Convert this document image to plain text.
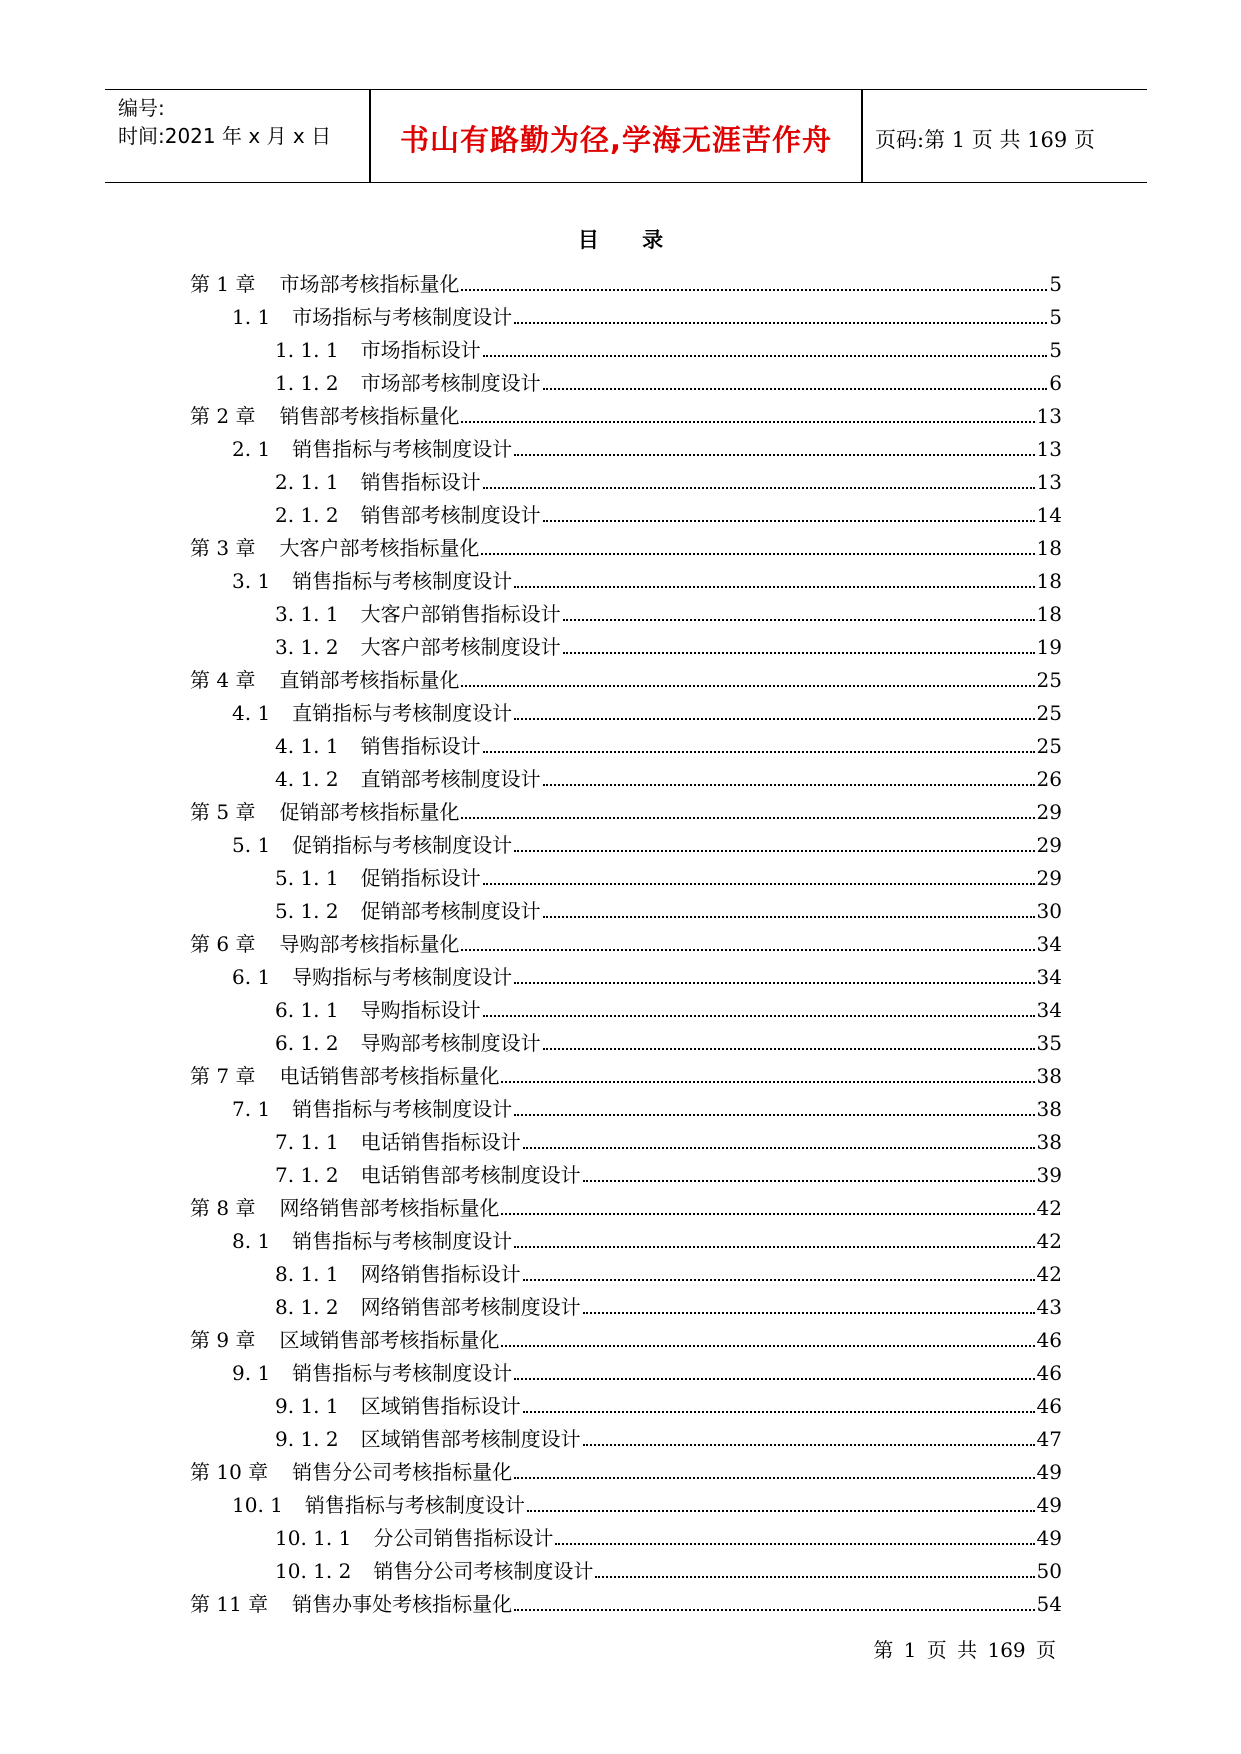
编号:
时间:2021 年 x 月 x 日	书山有路勤为径,学海无涯苦作舟	页码:第 1 页 共 169 页
目 录
第 1 章 市场部考核指标量化	5
1. 1 市场指标与考核制度设计	5
1. 1. 1 市场指标设计	5
1. 1. 2 市场部考核制度设计	6
第 2 章 销售部考核指标量化	13
2. 1 销售指标与考核制度设计	13
2. 1. 1 销售指标设计	13
2. 1. 2 销售部考核制度设计	14
第 3 章 大客户部考核指标量化	18
3. 1 销售指标与考核制度设计	18
3. 1. 1 大客户部销售指标设计	18
3. 1. 2 大客户部考核制度设计	19
第 4 章 直销部考核指标量化	25
4. 1 直销指标与考核制度设计	25
4. 1. 1 销售指标设计	25
4. 1. 2 直销部考核制度设计	26
第 5 章 促销部考核指标量化	29
5. 1 促销指标与考核制度设计	29
5. 1. 1 促销指标设计	29
5. 1. 2 促销部考核制度设计	30
第 6 章 导购部考核指标量化	34
6. 1 导购指标与考核制度设计	34
6. 1. 1 导购指标设计	34
6. 1. 2 导购部考核制度设计	35
第 7 章 电话销售部考核指标量化	38
7. 1 销售指标与考核制度设计	38
7. 1. 1 电话销售指标设计	38
7. 1. 2 电话销售部考核制度设计	39
第 8 章 网络销售部考核指标量化	42
8. 1 销售指标与考核制度设计	42
8. 1. 1 网络销售指标设计	42
8. 1. 2 网络销售部考核制度设计	43
第 9 章 区域销售部考核指标量化	46
9. 1 销售指标与考核制度设计	46
9. 1. 1 区域销售指标设计	46
9. 1. 2 区域销售部考核制度设计	47
第 10 章 销售分公司考核指标量化	49
10. 1 销售指标与考核制度设计	49
10. 1. 1 分公司销售指标设计	49
10. 1. 2 销售分公司考核制度设计	50
第 11 章 销售办事处考核指标量化	54
第 1 页 共 169 页
